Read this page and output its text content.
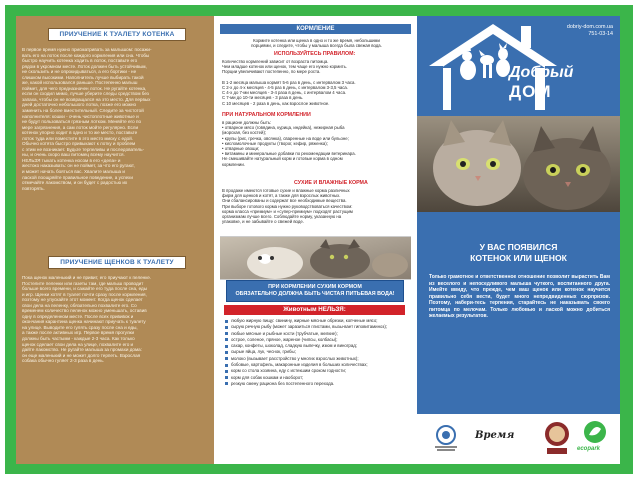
ПРИУЧЕНИЕ К ТУАЛЕТУ КОТЕНКА
В первое время нужно присматривать за малышом: посажи-
вать его на лоток после каждого кормления или сна. Чтобы
быстро научить котенка ходить в лоток, поставьте его
рядом в укромном месте. Лоток должен быть устойчивым,
не скользить и не опрокидываться, а его бортики - не
слишком высокими. Наполнитель лучше выбирать такой
же, какой использовался раньше. Постепенно малыш
поймет, для чего предназначен лоток. Не ругайте котенка,
если он сходил мимо, лучше уберите следы средством без
запаха, чтобы он не возвращался на это место. Для первых
дней достаточно небольшого лотка, позже его можно
заменить на более вместительный. Следите за чистотой
наполнителя: кошки - очень чистоплотные животные и
не будут пользоваться грязным лотком. Меняйте его по
мере загрязнения, а сам лоток мойте регулярно. Если
котенок упорно ходит в одно и то же место, поставьте
лоток туда или поместите в это место миску с едой.
Обычно котята быстро привыкают к лотку и проблем
с этим не возникает. Будьте терпеливы и последователь-
ны, и очень скоро ваш питомец всему научится.
НЕЛЬЗЯ тыкать котенка носом в его «дела» и
жестоко наказывать: он не поймет, за что его ругают,
и может начать бояться вас. Хвалите малыша и
лаской поощряйте правильное поведение, а успехи
отмечайте лакомством, и он будет с радостью их
повторять.
ПРИУЧЕНИЕ ЩЕНКОВ К ТУАЛЕТУ
Пока щенок маленький и не привит, его приучают к пеленке.
Постелите пеленки или газеты там, где малыш проводит
больше всего времени, и сажайте его туда после сна, еды
и игр. Щенки хотят в туалет почти сразу после кормления,
поэтому не упускайте этот момент. Когда щенок сделает
свои дела на пеленку, обязательно похвалите его. Со
временем количество пеленок можно уменьшать, оставив
одну в определенном месте. После всех прививок и
окончания карантина щенка начинают приучать к туалету
на улице. Выводите его гулять сразу после сна и еды,
а также после активных игр. Первое время прогулки
должны быть частыми - каждые 2-3 часа. Как только
щенок сделает свои дела на улице, похвалите его и
дайте лакомство. Не ругайте малыша за промахи дома:
он еще маленький и не может долго терпеть. Взрослая
собака обычно гуляет 2-3 раза в день.
КОРМЛЕНИЕ
Кормите котенка или щенка в одно и то же время, небольшими
порциями, и следите, чтобы у малыша всегда была свежая вода.
ИСПОЛЬЗУЙТЕСЬ ПРАВИЛОМ:
Количество кормлений зависит от возраста питомца.
Чем младше котенок или щенок, тем чаще его нужно кормить.
Порции увеличивают постепенно, по мере роста.

В 1-2 месяца малыша кормят 5-6 раз в день, с интервалом 3 часа.
С 2-х до 4-х месяцев - 4-5 раз в день, с интервалом 3-3,5 часа.
С 4-х до 7-ми месяцев - 3-4 раза в день, с интервалом 4 часа.
С 7-ми до 10-ти месяцев - 3 раза в день.
С 10 месяцев - 2 раза в день, как взрослое животное.
ПРИ НАТУРАЛЬНОМ КОРМЛЕНИИ
в рационе должны быть:
• отварное мясо (говядина, курица, индейка), нежирная рыба
(морская, без костей);
• крупы (рис, гречка, овсянка), сваренные на воде или бульоне;
• кисломолочные продукты (творог, кефир, ряженка);
• отварные овощи;
• витамины и минеральные добавки по рекомендации ветеринара.
Не смешивайте натуральный корм и готовые корма в одном
кормлении.
СУХИЕ И ВЛАЖНЫЕ КОРМА
В продаже имеются готовые сухие и влажные корма различных
фирм для щенков и котят, а также для взрослых животных.
Они сбалансированы и содержат все необходимые вещества.
При выборе готового корма нужно руководствоваться качеством:
корма класса «премиум» и «супер-премиум» подходят растущим
организмам лучше всего. Соблюдайте норму, указанную на
упаковке, и не забывайте о свежей воде.
ПРИ КОРМЛЕНИИ СУХИМ КОРМОМ
ОБЯЗАТЕЛЬНО ДОЛЖНА БЫТЬ ЧИСТАЯ ПИТЬЕВАЯ ВОДА!
Животным НЕЛЬЗЯ:
любую жирную пищу: свинину, жирные мясные обрезки, копченые мясо;
сырую речную рыбу (может заразиться глистами, вызы-вает гиповитаминоз);
любые мясные и рыбные кости (трубчатые, мелкие);
острое, соленое, пряное, жареное (чипсы, колбасы);
сахар, конфеты, шоколад, сладкую выпечку, изюм и виноград;
сырые яйца, лук, чеснок, грибы;
молоко (вызывает расстройство у многих взрослых животных);
бобовые, картофель, макаронные изделия в больших количествах;
корм со стола хозяина, еду с истекшим сроком годности;
корм для собак кошкам и наоборот;
резкую смену рациона без постепенного перехода.
dobriy-dom.com.ua
751-03-14
Добрый
ДОМ
У ВАС ПОЯВИЛСЯ
КОТЕНОК ИЛИ ЩЕНОК
Только грамотное и ответственное отношение позволит вырастить Вам из веселого и непоседливого малыша чуткого, воспитанного друга. Имейте ввиду, что прежде, чем ваш щенок или котенок научится правильно себя вести, будет много непредвиденных сюрпризов. Поэтому, набери-тесь терпения, старайтесь не наказывать своего питомца по мелочам. Только любовью и лаской можно добиться желаемых результатов.
Время
ecopark
